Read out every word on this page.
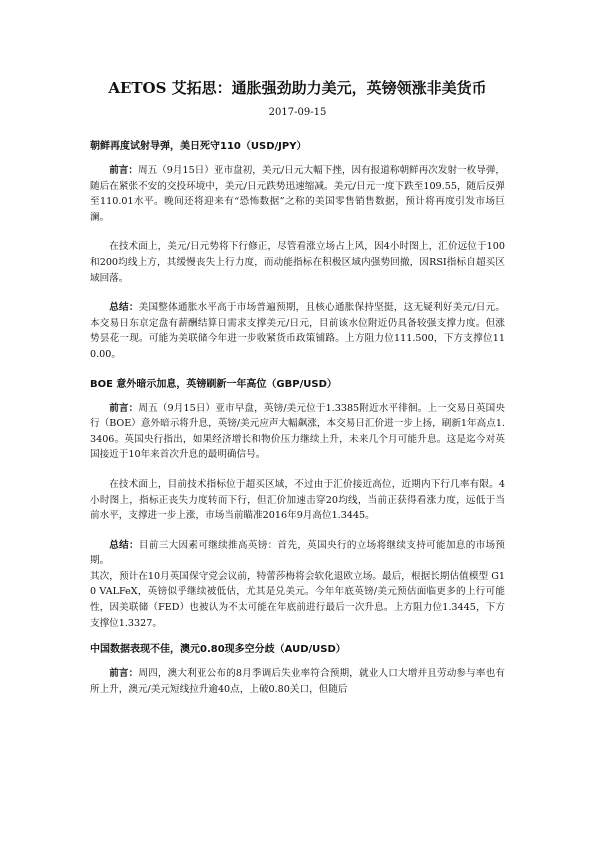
AETOS 艾拓思：通胀强劲助力美元，英镑领涨非美货币
2017-09-15
朝鲜再度试射导弹，美日死守110（USD/JPY）

前言：周五（9月15日）亚市盘初，美元/日元大幅下挫，因有报道称朝鲜再次发射一枚导弹，随后在紧张不安的交投环境中，美元/日元跌势迅速缩减。美元/日元一度下跌至109.55，随后反弹至110.01水平。晚间还将迎来有“恐怖数据”之称的美国零售销售数据，预计将再度引发市场巨澜。

在技术面上，美元/日元势将下行修正，尽管看涨立场占上风，因4小时图上，汇价远位于100和200均线上方，其缓慢丧失上行力度，而动能指标在积极区域内强势回撤，因RSI指标自超买区域回落。

总结：美国整体通胀水平高于市场普遍预期，且核心通胀保持坚挺，这无疑利好美元/日元。本交易日东京定盘有薪酬结算日需求支撑美元/日元，目前该水位附近仍具备较强支撑力度。但涨势昙花一现。可能为美联储今年进一步收紧货币政策铺路。上方阻力位111.500，下方支撑位110.00。

BOE 意外暗示加息，英镑刷新一年高位（GBP/USD）

前言：周五（9月15日）亚市早盘，英镑/美元位于1.3385附近水平徘徊。上一交易日英国央行（BOE）意外暗示将升息，英镑/美元应声大幅飙涨，本交易日汇价进一步上扬，刷新1年高点1.3406。英国央行指出，如果经济增长和物价压力继续上升，未来几个月可能升息。这是迄今对英国接近于10年来首次升息的最明确信号。

在技术面上，目前技术指标位于超买区域，不过由于汇价接近高位，近期内下行几率有限。4小时图上，指标正丧失力度转而下行，但汇价加速击穿20均线，当前正获得看涨力度，远低于当前水平，支撑进一步上涨，市场当前瞄准2016年9月高位1.3445。

总结：目前三大因素可继续推高英镑：首先，英国央行的立场将继续支持可能加息的市场预期。

其次，预计在10月英国保守党会议前，特蕾莎梅将会软化退欧立场。最后，根据长期估值模型 G10 VALFeX，英镑似乎继续被低估，尤其是兑美元。今年年底英镑/美元预估面临更多的上行可能性，因美联储（FED）也被认为不太可能在年底前进行最后一次升息。上方阻力位1.3445，下方支撑位1.3327。

中国数据表现不佳，澳元0.80现多空分歧（AUD/USD）

前言：周四，澳大利亚公布的8月季调后失业率符合预期，就业人口大增并且劳动参与率也有所上升，澳元/美元短线拉升逾40点，上破0.80关口，但随后
